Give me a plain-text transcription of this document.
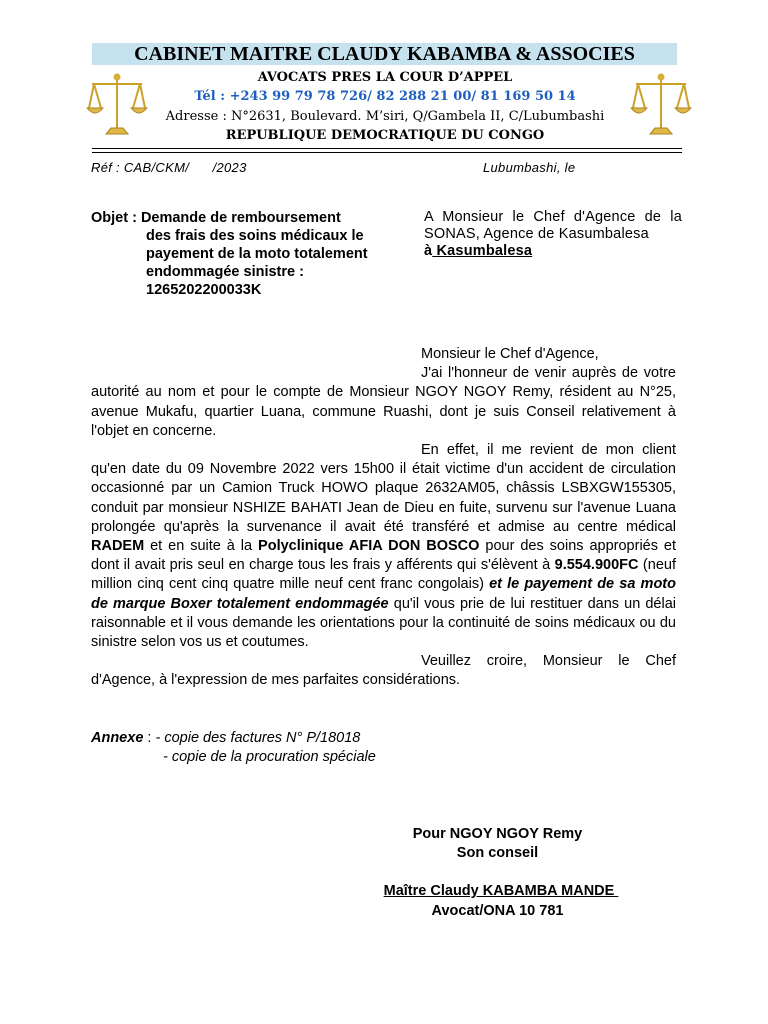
CABINET MAITRE CLAUDY KABAMBA & ASSOCIES
AVOCATS PRES LA COUR D’APPEL
Tél : +243 99 79 78 726/ 82 288 21 00/ 81 169 50 14
Adresse : N°2631, Boulevard. M’siri, Q/Gambela II, C/Lubumbashi
REPUBLIQUE DEMOCRATIQUE DU CONGO
Réf : CAB/CKM/      /2023	Lubumbashi, le
Objet : Demande de remboursement
des frais des soins médicaux le
payement de la moto totalement
endommagée sinistre :
1265202200033K
A Monsieur le Chef d'Agence de la SONAS, Agence de Kasumbalesa
à Kasumbalesa

Monsieur le Chef d'Agence,

J'ai l'honneur de venir auprès de votre autorité au nom et pour le compte de Monsieur NGOY NGOY Remy, résident au N°25, avenue Mukafu, quartier Luana, commune Ruashi, dont je suis Conseil relativement à l'objet en concerne.

En effet, il me revient de mon client qu'en date du 09 Novembre 2022 vers 15h00 il était victime d'un accident de circulation occasionné par un Camion Truck HOWO plaque 2632AM05, châssis LSBXGW155305, conduit par monsieur NSHIZE BAHATI Jean de Dieu en fuite, survenu sur l'avenue Luana prolongée qu'après la survenance il avait été transféré et admise au centre médical RADEM et en suite à la Polyclinique AFIA DON BOSCO pour des soins appropriés et dont il avait pris seul en charge tous les frais y afférents qui s'élèvent à 9.554.900FC (neuf million cinq cent cinq quatre mille neuf cent franc congolais) et le payement de sa moto de marque Boxer totalement endommagée qu'il vous prie de lui restituer dans un délai raisonnable et il vous demande les orientations pour la continuité de soins médicaux ou du sinistre selon vos us et coutumes.

Veuillez croire, Monsieur le Chef d'Agence, à l'expression de mes parfaites considérations.

Annexe : - copie des factures N° P/18018
- copie de la procuration spéciale
Pour NGOY NGOY Remy
Son conseil
Maître Claudy KABAMBA MANDE
Avocat/ONA 10 781
